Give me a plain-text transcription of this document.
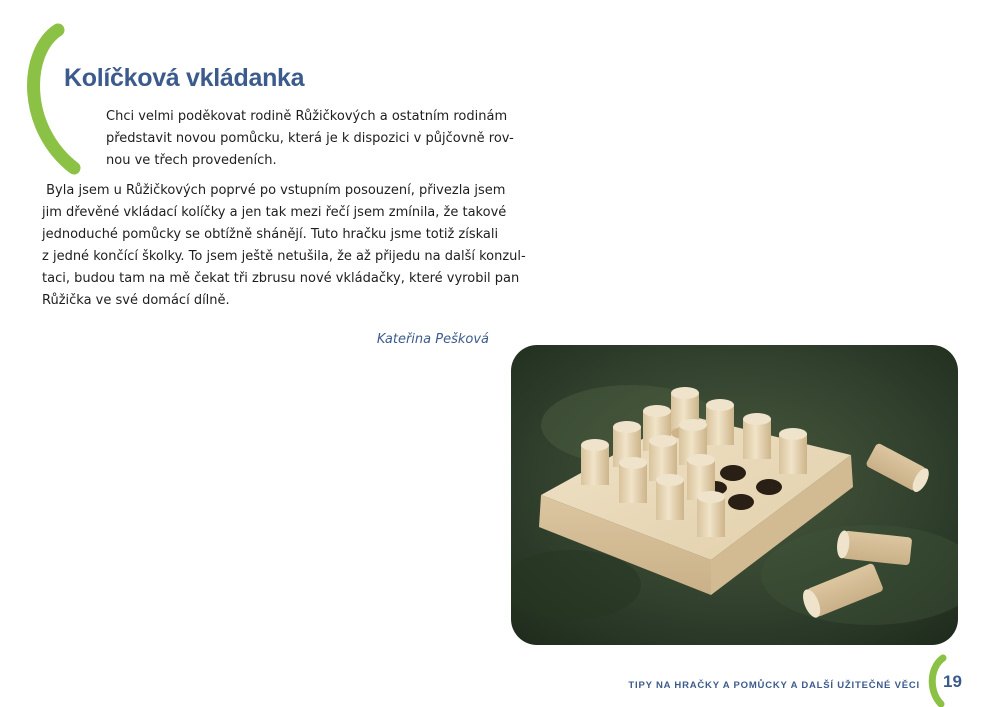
Kolíčková vkládanka
Chci velmi poděkovat rodině Růžičkových a ostatním rodinám
představit novou pomůcku, která je k dispozici v půjčovně rov-
nou ve třech provedeních.
Byla jsem u Růžičkových poprvé po vstupním posouzení, přivezla jsem
jim dřevěné vkládací kolíčky a jen tak mezi řečí jsem zmínila, že takové
jednoduché pomůcky se obtížně shánějí. Tuto hračku jsme totiž získali
z jedné končící školky. To jsem ještě netušila, že až přijedu na další konzul-
taci, budou tam na mě čekat tři zbrusu nové vkládačky, které vyrobil pan
Růžička ve své domácí dílně.
Kateřina Pešková
TIPY NA HRAČKY A POMŮCKY A DALŠÍ UŽITEČNÉ VĚCI 19
